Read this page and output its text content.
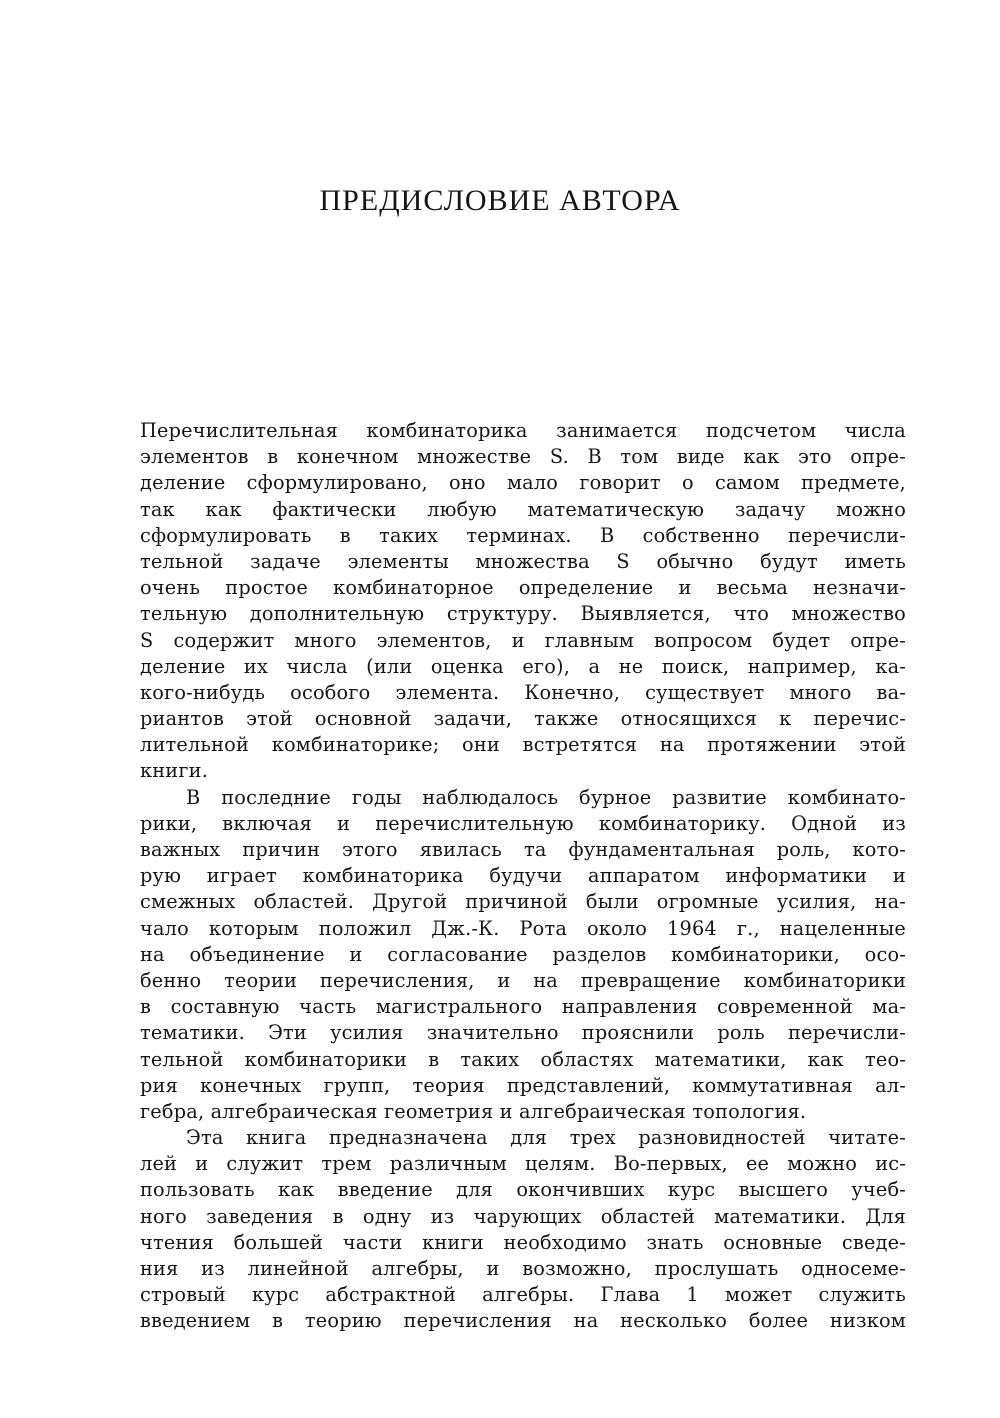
ПРЕДИСЛОВИЕ АВТОРА
Перечислительная комбинаторика занимается подсчетом числа
элементов в конечном множестве S. В том виде как это опре-
деление сформулировано, оно мало говорит о самом предмете,
так как фактически любую математическую задачу можно
сформулировать в таких терминах. В собственно перечисли-
тельной задаче элементы множества S обычно будут иметь
очень простое комбинаторное определение и весьма незначи-
тельную дополнительную структуру. Выявляется, что множество
S содержит много элементов, и главным вопросом будет опре-
деление их числа (или оценка его), а не поиск, например, ка-
кого-нибудь особого элемента. Конечно, существует много ва-
риантов этой основной задачи, также относящихся к перечис-
лительной комбинаторике; они встретятся на протяжении этой
книги.
В последние годы наблюдалось бурное развитие комбинато-
рики, включая и перечислительную комбинаторику. Одной из
важных причин этого явилась та фундаментальная роль, кото-
рую играет комбинаторика будучи аппаратом информатики и
смежных областей. Другой причиной были огромные усилия, на-
чало которым положил Дж.-К. Рота около 1964 г., нацеленные
на объединение и согласование разделов комбинаторики, осо-
бенно теории перечисления, и на превращение комбинаторики
в составную часть магистрального направления современной ма-
тематики. Эти усилия значительно прояснили роль перечисли-
тельной комбинаторики в таких областях математики, как тео-
рия конечных групп, теория представлений, коммутативная ал-
гебра, алгебраическая геометрия и алгебраическая топология.
Эта книга предназначена для трех разновидностей читате-
лей и служит трем различным целям. Во-первых, ее можно ис-
пользовать как введение для окончивших курс высшего учеб-
ного заведения в одну из чарующих областей математики. Для
чтения большей части книги необходимо знать основные сведе-
ния из линейной алгебры, и возможно, прослушать односеме-
стровый курс абстрактной алгебры. Глава 1 может служить
введением в теорию перечисления на несколько более низком
